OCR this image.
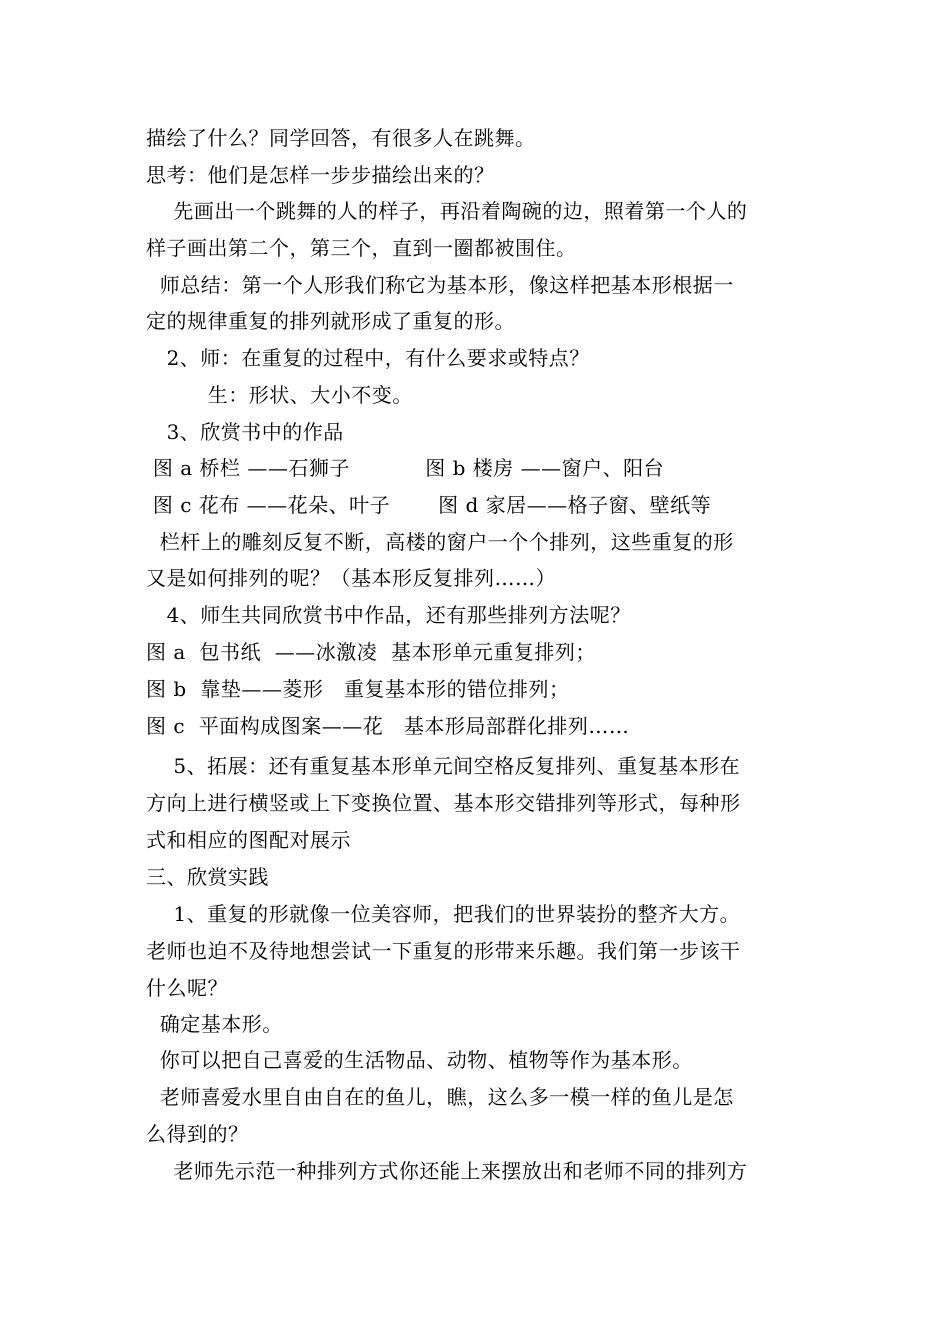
描绘了什么？同学回答，有很多人在跳舞。
思考：他们是怎样一步步描绘出来的？
先画出一个跳舞的人的样子，再沿着陶碗的边，照着第一个人的
样子画出第二个，第三个，直到一圈都被围住。
师总结：第一个人形我们称它为基本形，像这样把基本形根据一
定的规律重复的排列就形成了重复的形。
2、师：在重复的过程中，有什么要求或特点？
生：形状、大小不变。
3、欣赏书中的作品
图 a 桥栏 ——石狮子           图 b 楼房 ——窗户、阳台
图 c 花布 ——花朵、叶子       图 d 家居——格子窗、壁纸等
栏杆上的雕刻反复不断，高楼的窗户一个个排列，这些重复的形
又是如何排列的呢？（基本形反复排列……）
4、师生共同欣赏书中作品，还有那些排列方法呢？
图 a  包书纸  ——冰激凌  基本形单元重复排列；
图 b  靠垫——菱形   重复基本形的错位排列；
图 c  平面构成图案——花   基本形局部群化排列……
5、拓展：还有重复基本形单元间空格反复排列、重复基本形在
方向上进行横竖或上下变换位置、基本形交错排列等形式，每种形
式和相应的图配对展示
三、欣赏实践
1、重复的形就像一位美容师，把我们的世界装扮的整齐大方。
老师也迫不及待地想尝试一下重复的形带来乐趣。我们第一步该干
什么呢？
确定基本形。
你可以把自己喜爱的生活物品、动物、植物等作为基本形。
老师喜爱水里自由自在的鱼儿，瞧，这么多一模一样的鱼儿是怎
么得到的？
老师先示范一种排列方式你还能上来摆放出和老师不同的排列方
